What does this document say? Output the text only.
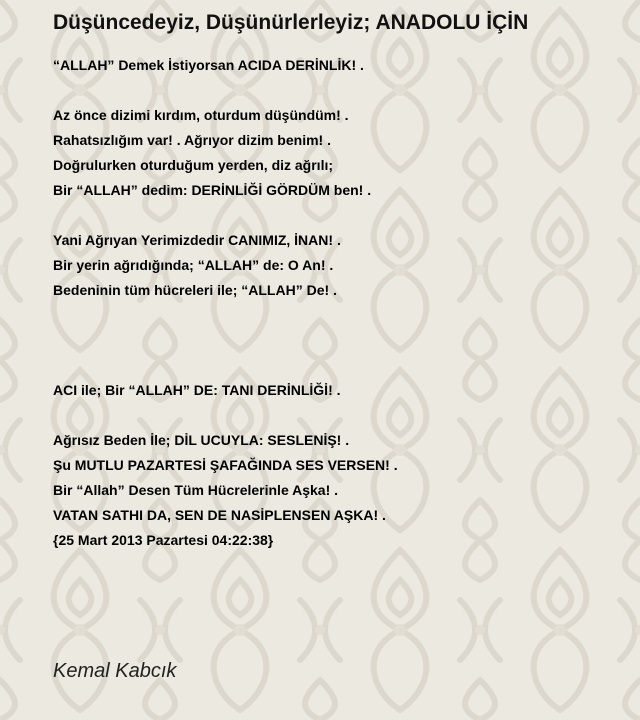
Düşüncedeyiz, Düşünürlerleyiz; ANADOLU İÇİN
“ALLAH” Demek İstiyorsan ACIDA DERİNLİK! .
Az önce dizimi kırdım, oturdum düşündüm! .
Rahatsızlığım var! . Ağrıyor dizim benim! .
Doğrulurken oturduğum yerden, diz ağrılı;
Bir “ALLAH” dedim: DERİNLİĞİ GÖRDÜM ben! .
Yani Ağrıyan Yerimizdedir CANIMIZ, İNAN! .
Bir yerin ağrıdığında; “ALLAH” de: O An! .
Bedeninin tüm hücreleri ile; “ALLAH” De! .
ACI ile; Bir “ALLAH” DE: TANI DERİNLİĞİ! .
Ağrısız Beden İle; DİL UCUYLA: SESLENİŞ! .
Şu MUTLU PAZARTESİ ŞAFAĞINDA SES VERSEN! .
Bir “Allah” Desen Tüm Hücrelerinle Aşka! .
VATAN SATHI DA, SEN DE NASİPLENSEN AŞKA! .
{25 Mart 2013 Pazartesi 04:22:38}
Kemal Kabcık
